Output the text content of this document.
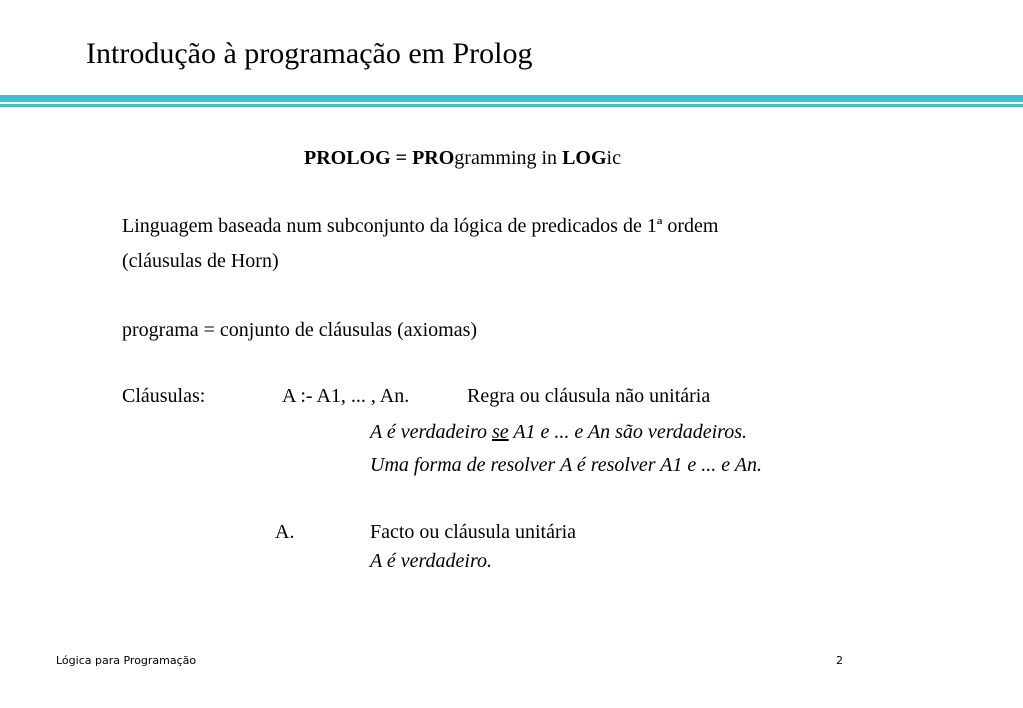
Introdução à programação em Prolog
PROLOG = PROgramming in LOGic
Linguagem baseada num subconjunto da lógica de predicados de 1ª ordem
(cláusulas de Horn)
programa = conjunto de cláusulas (axiomas)
Cláusulas:	A :- A1, ... , An.	Regra ou cláusula não unitária
A é verdadeiro se A1 e ... e An são verdadeiros.
Uma forma de resolver A é resolver A1 e ... e An.
A.	Facto ou cláusula unitária
A é verdadeiro.
Lógica para Programação	2
